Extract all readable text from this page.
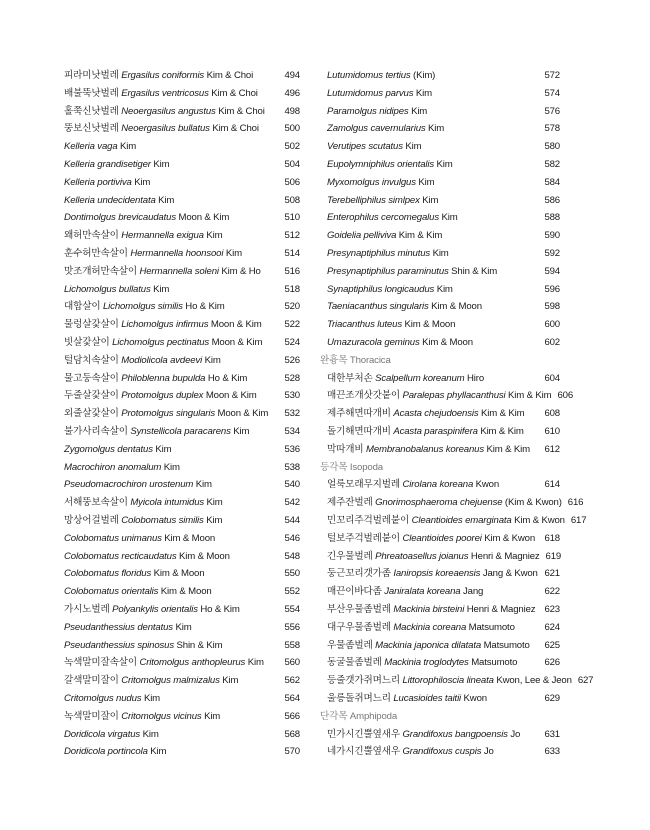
피라미낫벌레 Ergasilus coniformis Kim & Choi	494
배불뚝낫벌레 Ergasilus ventricosus Kim & Choi	496
홀쭉신낫벌레 Neoergasilus angustus Kim & Choi 498
뚱보신낫벌레 Neoergasilus bullatus Kim & Choi	500
Kelleria vaga Kim	502
Kelleria grandisetiger Kim	504
Kelleria portiviva Kim	506
Kelleria undecidentata Kim	508
Dontimolgus brevicaudatus Moon & Kim	510
왜허만속살이 Hermannella exigua Kim	512
훈수허만속살이 Hermannella hoonsooi Kim	514
맛조개허만속살이 Hermannella soleni Kim & Ho 516
Lichomolgus bullatus Kim	518
대합살이 Lichomolgus similis Ho & Kim	520
물렁살갗살이 Lichomolgus infirmus Moon & Kim 522
빗살갗살이 Lichomolgus pectinatus Moon & Kim 524
털담치속살이 Modiolicola avdeevi Kim	526
물고둥속살이 Philoblenna bupulda Ho & Kim	528
두줄살갗살이 Protomolgus duplex Moon & Kim	530
외줄살갗살이 Protomolgus singularis Moon & Kim 532
불가사리속살이 Synstellicola paracarens Kim	534
Zygomolgus dentatus Kim	536
Macrochiron anomalum Kim	538
Pseudomacrochiron urostenum Kim	540
서해뚱보속살이 Myicola intumidus Kim	542
망상어걸벌레 Colobomatus similis Kim	544
Colobomatus unimanus Kim & Moon	546
Colobomatus recticaudatus Kim & Moon	548
Colobomatus floridus Kim & Moon	550
Colobomatus orientalis Kim & Moon	552
가시노벌레 Polyankylis orientalis Ho & Kim	554
Pseudanthessius dentatus Kim	556
Pseudanthessius spinosus Shin & Kim	558
녹색말미잘속살이 Critomolgus anthopleurus Kim 560
갈색말미잘이 Critomolgus malmizalus Kim	562
Critomolgus nudus Kim	564
녹색말미잘이 Critomolgus vicinus Kim	566
Doridicola virgatus Kim	568
Doridicola portincola Kim	570
Lutumidomus tertius (Kim)	572
Lutumidomus parvus Kim	574
Paramolgus nidipes Kim	576
Zamolgus cavernularius Kim	578
Verutipes scutatus Kim	580
Eupolymniphilus orientalis Kim	582
Myxomolgus invulgus Kim	584
Terebelliphilus simlpex Kim	586
Enterophilus cercomegalus Kim	588
Goidelia pelliviva Kim & Kim	590
Presynaptiphilus minutus Kim	592
Presynaptiphilus paraminutus Shin & Kim	594
Synaptiphilus longicaudus Kim	596
Taeniacanthus singularis Kim & Moon	598
Triacanthus luteus Kim & Moon	600
Umazuracola geminus Kim & Moon	602
완흉목 Thoracica
대한부처손 Scalpellum koreanum Hiro	604
매끈조개삿갓붙이 Paralepas phyllacanthusi Kim & Kim 606
제주해면따개비 Acasta chejudoensis Kim & Kim 608
돌기해면따개비 Acasta paraspinifera Kim & Kim 610
막따개비 Membranobalanus koreanus Kim & Kim 612
등각목 Isopoda
얼룩모래무지벌레 Cirolana koreana Kwon	614
제주잔벌레 Gnorimosphaeroma chejuense (Kim & Kwon) 616
민꼬리주걱벌레붙이 Cleantioides emarginata Kim & Kwon 617
털보주걱벌레붙이 Cleantioides poorei Kim & Kwon 618
긴우물벌레 Phreatoasellus joianus Henri & Magniez 619
둥근꼬리갯가좀 Ianiropsis koreaensis Jang & Kwon 621
매끈이바다좀 Janiralata koreana Jang	622
부산우물좀벌레 Mackinia birsteini Henri & Magniez 623
대구우물좀벌레 Mackinia coreana Matsumoto	624
우물좀벌레 Mackinia japonica dilatata Matsumoto 625
동굴물좀벌레 Mackinia troglodytes Matsumoto	626
등줄갯가쥐며느리 Littorophiloscia lineata Kwon, Lee & Jeon 627
울릉돌쥐며느리 Lucasioides taitii Kwon	629
단각목 Amphipoda
민가시긴뿔옆새우 Grandifoxus bangpoensis Jo	631
네가시긴뿔옆새우 Grandifoxus cuspis Jo	633
